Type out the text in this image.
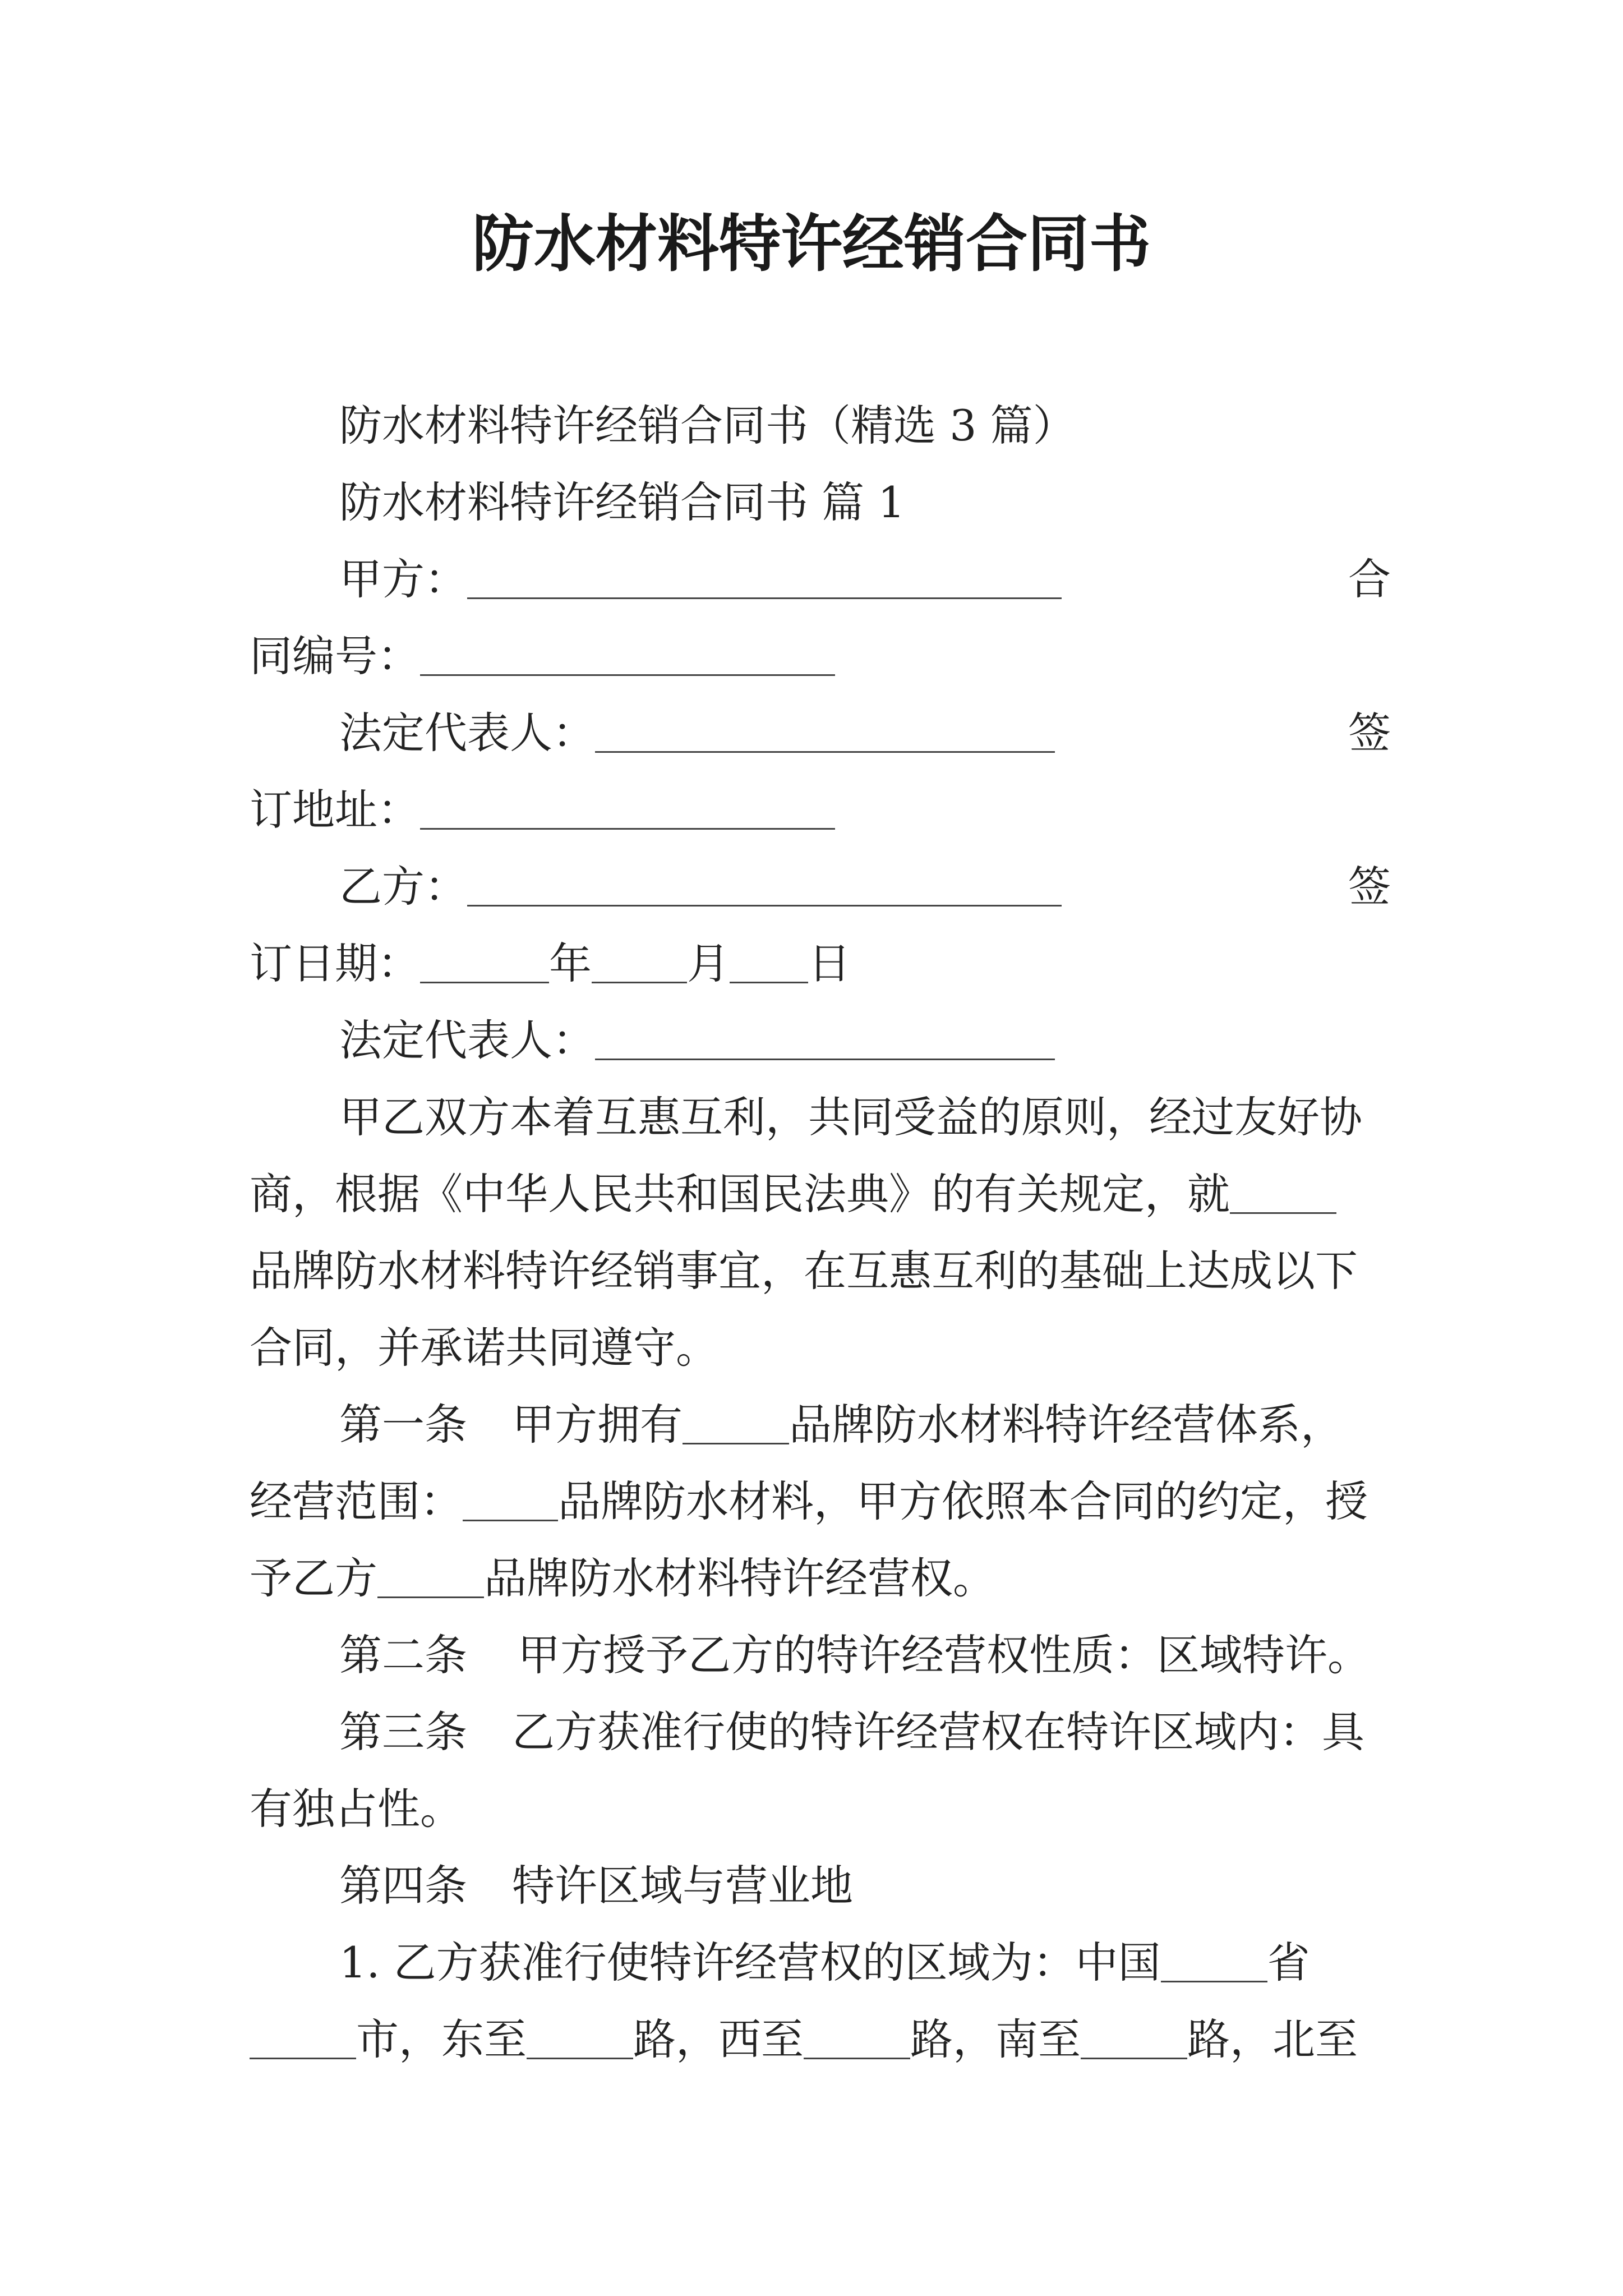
防水材料特许经销合同书
防水材料特许经销合同书（精选 3 篇）
防水材料特许经销合同书 篇 1
甲方：	合
同编号：
法定代表人：	签
订地址：
乙方：	签
订日期：	年 月 日
法定代表人：
甲乙双方本着互惠互利，共同受益的原则，经过友好协
商，根据《中华人民共和国民法典》的有关规定，就
品牌防水材料特许经销事宜，在互惠互利的基础上达成以下
合同，并承诺共同遵守。
第一条 甲方拥有	品牌防水材料特许经营体系，
经营范围： 品牌防水材料，甲方依照本合同的约定，授
予乙方	品牌防水材料特许经营权。
第二条 甲方授予乙方的特许经营权性质：区域特许。
第三条 乙方获准行使的特许经营权在特许区域内：具
有独占性。
第四条 特许区域与营业地
1. 乙方获准行使特许经营权的区域为：中国	省
市，东至	路，西至	路，南至	路，北至
